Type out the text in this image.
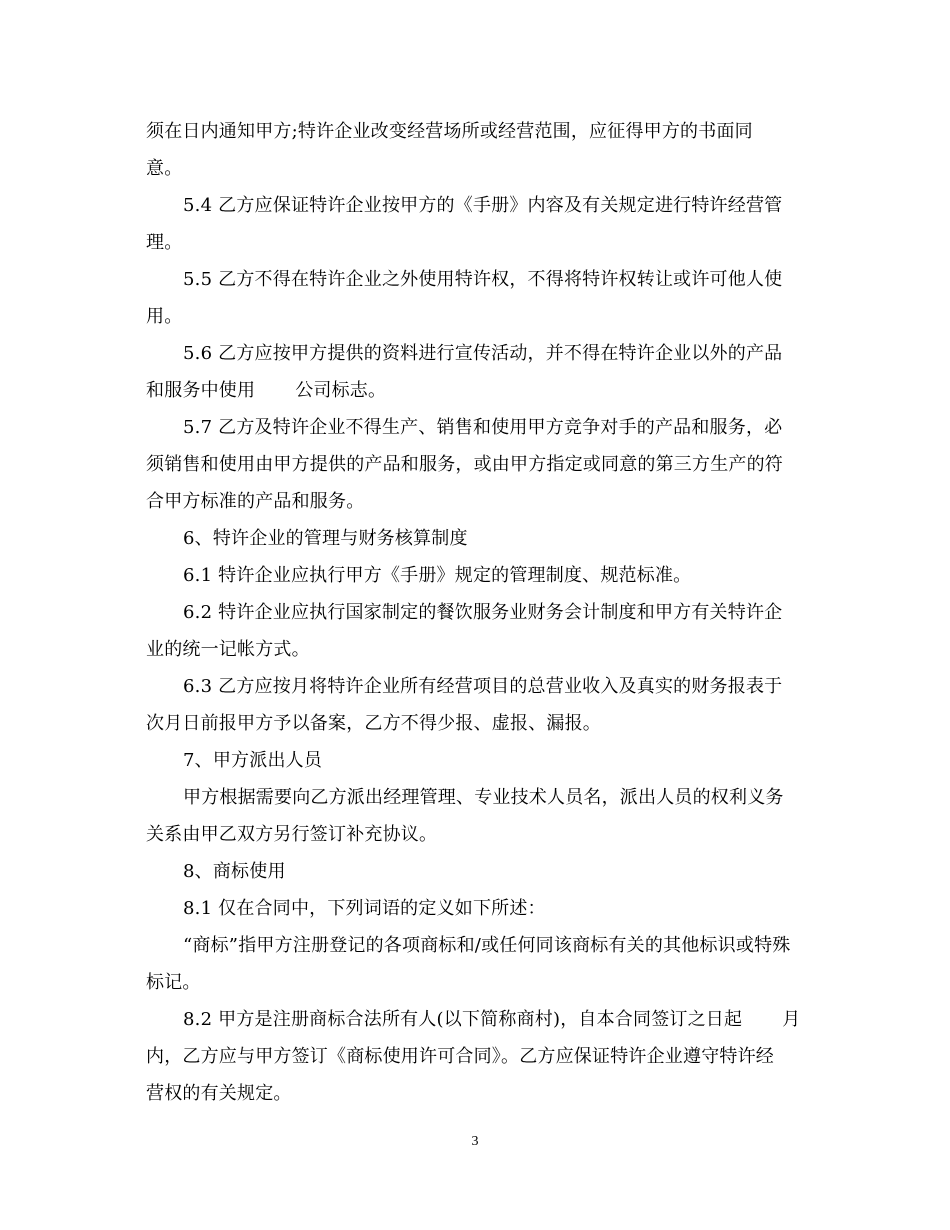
须在日内通知甲方;特许企业改变经营场所或经营范围，应征得甲方的书面同
意。
5.4 乙方应保证特许企业按甲方的《手册》内容及有关规定进行特许经营管
理。
5.5 乙方不得在特许企业之外使用特许权，不得将特许权转让或许可他人使
用。
5.6 乙方应按甲方提供的资料进行宣传活动，并不得在特许企业以外的产品
和服务中使用 公司标志。
5.7 乙方及特许企业不得生产、销售和使用甲方竞争对手的产品和服务，必
须销售和使用由甲方提供的产品和服务，或由甲方指定或同意的第三方生产的符
合甲方标准的产品和服务。
6、特许企业的管理与财务核算制度
6.1 特许企业应执行甲方《手册》规定的管理制度、规范标准。
6.2 特许企业应执行国家制定的餐饮服务业财务会计制度和甲方有关特许企
业的统一记帐方式。
6.3 乙方应按月将特许企业所有经营项目的总营业收入及真实的财务报表于
次月日前报甲方予以备案，乙方不得少报、虚报、漏报。
7、甲方派出人员
甲方根据需要向乙方派出经理管理、专业技术人员名，派出人员的权利义务
关系由甲乙双方另行签订补充协议。
8、商标使用
8.1 仅在合同中，下列词语的定义如下所述：
“商标”指甲方注册登记的各项商标和/或任何同该商标有关的其他标识或特殊
标记。
8.2 甲方是注册商标合法所有人(以下简称商村)，自本合同签订之日起 月
内，乙方应与甲方签订《商标使用许可合同》。乙方应保证特许企业遵守特许经
营权的有关规定。
3
